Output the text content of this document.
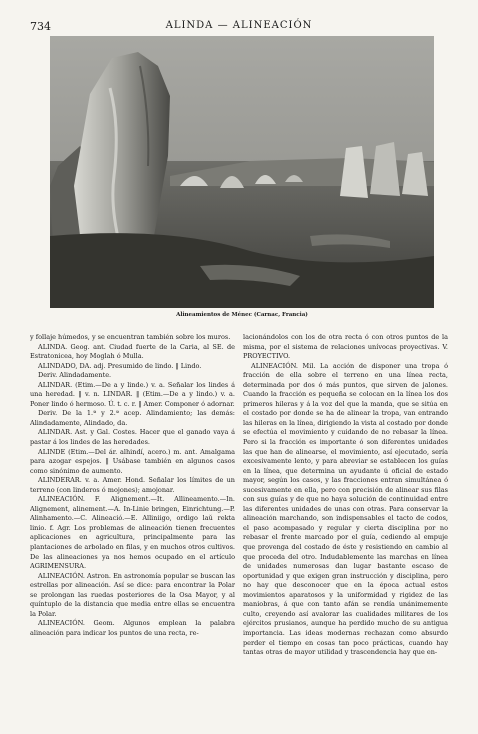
734	ALINDA — ALINEACIÓN
Alineamientos de Ménec (Carnac, Francia)

y follaje húmedos, y se encuentran también sobre los muros.

ALINDA. Geog. ant. Ciudad fuerte de la Caria, al SE. de Estratonicea, hoy Moglah ó Mulla.

ALINDADO, DA. adj. Presumido de lindo. ‖ Lindo.

Deriv. Alindadamente.

ALINDAR. (Etim.—De a y linde.) v. a. Señalar los lindes á una heredad. ‖ v. n. LINDAR. ‖ (Etim.—De a y lindo.) v. a. Poner lindo ó hermoso. Ú. t. c. r. ‖ Amer. Componer ó adornar.

Deriv. De la 1.ª y 2.ª acep. Alindamiento; las demás: Alindadamente, Alindado, da.

ALINDAR. Ast. y Gal. Costes. Hacer que el ganado vaya á pastar á los lindes de las heredades.

ALINDE (Etim.—Del ár. alhindí, acero.) m. ant. Amalgama para azogar espejos. ‖ Usábase también en algunos casos como sinónimo de aumento.

ALINDERAR. v. a. Amer. Hond. Señalar los límites de un terreno (con linderos ó mojones); amojonar.

ALINEACIÓN. F. Alignement.—It. Allineamento.—In. Alignement, alinement.—A. In-Linie bringen, Einrichtung.—P. Alinhamento.—C. Alineació.—E. Alliniigo, ordigo laŭ rekta linio. f. Agr. Los problemas de alineación tienen frecuentes aplicaciones en agricultura, principalmente para las plantaciones de arbolado en filas, y en muchos otros cultivos. De las alineaciones ya nos hemos ocupado en el artículo AGRIMENSURA.

ALINEACIÓN. Astron. En astronomía popular se buscan las estrellas por alineación. Así se dice: para encontrar la Polar se prolongan las ruedas posteriores de la Osa Mayor, y al quíntuplo de la distancia que media entre ellas se encuentra la Polar.

ALINEACIÓN. Geom. Algunos emplean la palabra alineación para indicar los puntos de una recta, re-

lacionándolos con los de otra recta ó con otros puntos de la misma, por el sistema de relaciones unívocas proyectivas. V. PROYECTIVO.

ALINEACIÓN. Mil. La acción de disponer una tropa ó fracción de ella sobre el terreno en una línea recta, determinada por dos ó más puntos, que sirven de jalones. Cuando la fracción es pequeña se colocan en la línea los dos primeros hileras y á la voz del que la manda, que se sitúa en el costado por donde se ha de alinear la tropa, van entrando las hileras en la línea, dirigiendo la vista al costado por donde se efectúa el movimiento y cuidando de no rebasar la línea. Pero si la fracción es importante ó son diferentes unidades las que han de alinearse, el movimiento, así ejecutado, sería excesivamente lento, y para abreviar se establecen los guías en la línea, que determina un ayudante ú oficial de estado mayor, según los casos, y las fracciones entran simultánea ó sucesivamente en ella, pero con precisión de alinear sus filas con sus guías y de que no haya solución de continuidad entre las diferentes unidades de unas con otras. Para conservar la alineación marchando, son indispensables el tacto de codos, el paso acompasado y regular y cierta disciplina por no rebasar el frente marcado por el guía, cediendo al empuje que provenga del costado de éste y resistiendo en cambio al que proceda del otro. Indudablemente las marchas en línea de unidades numerosas dan lugar bastante escaso de oportunidad y que exigen gran instrucción y disciplina, pero no hay que desconocer que en la época actual estos movimientos aparatosos y la uniformidad y rigidez de las maniobras, á que con tanto afán se rendía unánimemente culto, creyendo así avalorar las cualidades militares de los ejércitos prusianos, aunque ha perdido mucho de su antigua importancia. Las ideas modernas rechazan como absurdo perder el tiempo en cosas tan poco prácticas, cuando hay tantas otras de mayor utilidad y trascendencia hay que en-
